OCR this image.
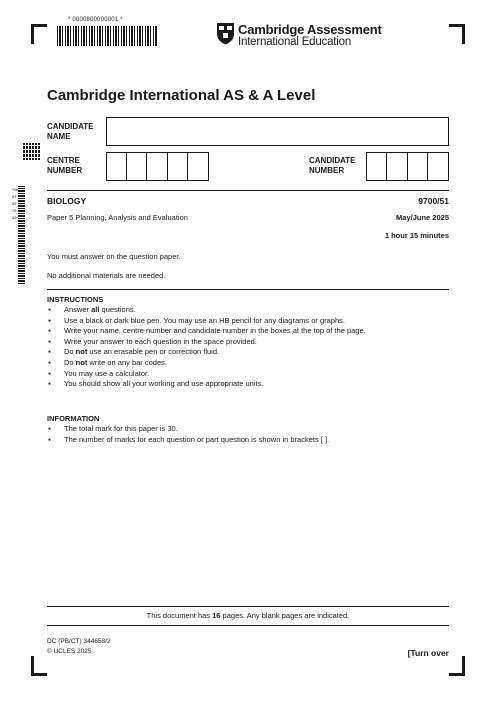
* 0000800000001 *
Cambridge Assessment
International Education
Cambridge International AS & A Level
CANDIDATE
NAME
CENTRE
NUMBER
CANDIDATE
NUMBER
*5891457642*
BIOLOGY	9700/51
Paper 5 Planning, Analysis and Evaluation	May/June 2025
1 hour 15 minutes
You must answer on the question paper.
No additional materials are needed.
INSTRUCTIONS
● Answer all questions.
● Use a black or dark blue pen. You may use an HB pencil for any diagrams or graphs.
● Write your name, centre number and candidate number in the boxes at the top of the page.
● Write your answer to each question in the space provided.
● Do not use an erasable pen or correction fluid.
● Do not write on any bar codes.
● You may use a calculator.
● You should show all your working and use appropriate units.
INFORMATION
● The total mark for this paper is 30.
● The number of marks for each question or part question is shown in brackets [ ].
This document has 16 pages. Any blank pages are indicated.
DC (PB/CT) 344658/2
© UCLES 2025	[Turn over
